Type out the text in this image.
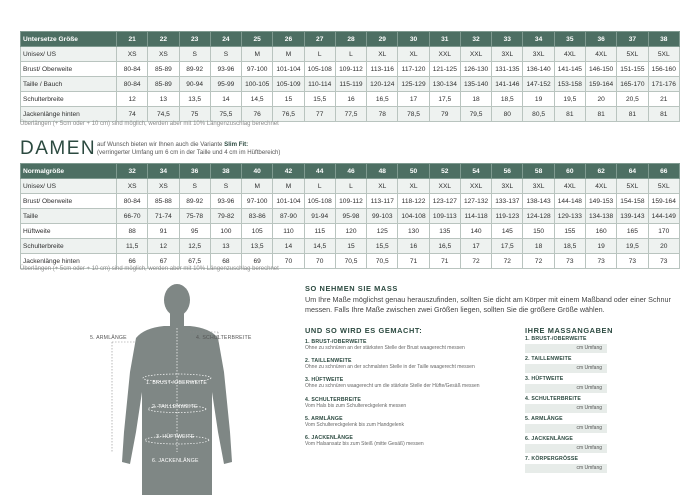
Untersetze Größe	21	22	23	24	25	26	27	28	29	30	31	32	33	34	35	36	37	38
Unisex/ US	XS	XS	S	S	M	M	L	L	XL	XL	XXL	XXL	3XL	3XL	4XL	4XL	5XL	5XL
Brust/ Oberweite	80-84	85-89	89-92	93-96	97-100	101-104	105-108	109-112	113-116	117-120	121-125	126-130	131-135	136-140	141-145	146-150	151-155	156-160
Taille / Bauch	80-84	85-89	90-94	95-99	100-105	105-109	110-114	115-119	120-124	125-129	130-134	135-140	141-146	147-152	153-158	159-164	165-170	171-176
Schulterbreite	12	13	13,5	14	14,5	15	15,5	16	16,5	17	17,5	18	18,5	19	19,5	20	20,5	21
Jackenlänge hinten	74	74,5	75	75,5	76	76,5	77	77,5	78	78,5	79	79,5	80	80,5	81	81	81	81
Überlängen (+ 5cm oder + 10 cm) sind möglich, werden aber mit 10% Längenzuschlag berechnet
DAMEN auf Wunsch bieten wir Ihnen auch die Variante Slim Fit:
(verringerter Umfang um 6 cm in der Taille und 4 cm im Hüftbereich)
Normalgröße	32	34	36	38	40	42	44	46	48	50	52	54	56	58	60	62	64	66
Unisex/ US	XS	XS	S	S	M	M	L	L	XL	XL	XXL	XXL	3XL	3XL	4XL	4XL	5XL	5XL
Brust/ Oberweite	80-84	85-88	89-92	93-96	97-100	101-104	105-108	109-112	113-117	118-122	123-127	127-132	133-137	138-143	144-148	149-153	154-158	159-164
Taille	66-70	71-74	75-78	79-82	83-86	87-90	91-94	95-98	99-103	104-108	109-113	114-118	119-123	124-128	129-133	134-138	139-143	144-149
Hüftweite	88	91	95	100	105	110	115	120	125	130	135	140	145	150	155	160	165	170
Schulterbreite	11,5	12	12,5	13	13,5	14	14,5	15	15,5	16	16,5	17	17,5	18	18,5	19	19,5	20
Jackenlänge hinten	66	67	67,5	68	69	70	70	70,5	70,5	71	71	72	72	72	73	73	73	73
Überlängen (+ 5cm oder + 10 cm) sind möglich, werden aber mit 10% Längenzuschlag berechnet
5. ARMLÄNGE	4. SCHULTERBREITE
1. BRUST-/OBERWEITE
2. TAILLENWEITE
3. HÜFTWEITE
6. JACKENLÄNGE
SO NEHMEN SIE MASS
Um Ihre Maße möglichst genau herauszufinden, sollten Sie dicht am Körper mit einem Maßband oder einer Schnur messen. Falls Ihre Maße zwischen zwei Größen liegen, sollten Sie die größere Größe wählen.
UND SO WIRD ES GEMACHT:
1. BRUST-/OBERWEITE
Ohne zu schnüren an der stärksten Stelle der Brust waagerecht messen
2. TAILLENWEITE
Ohne zu schnüren an der schmalsten Stelle in der Taille waagerecht messen
3. HÜFTWEITE
Ohne zu schnüren waagerecht um die stärkste Stelle der Hüfte/Gesäß messen
4. SCHULTERBREITE
Vom Hals bis zum Schultereckgelenk messen
5. ARMLÄNGE
Vom Schultereckgelenk bis zum Handgelenk
6. JACKENLÄNGE
Vom Halsansatz bis zum Steiß (mitte Gesäß) messen
IHRE MASSANGABEN
1. BRUST-/OBERWEITE
cm Umfang
2. TAILLENWEITE
cm Umfang
3. HÜFTWEITE
cm Umfang
4. SCHULTERBREITE
cm Umfang
5. ARMLÄNGE
cm Umfang
6. JACKENLÄNGE
cm Umfang
7. KÖRPERGRÖSSE
cm Umfang
